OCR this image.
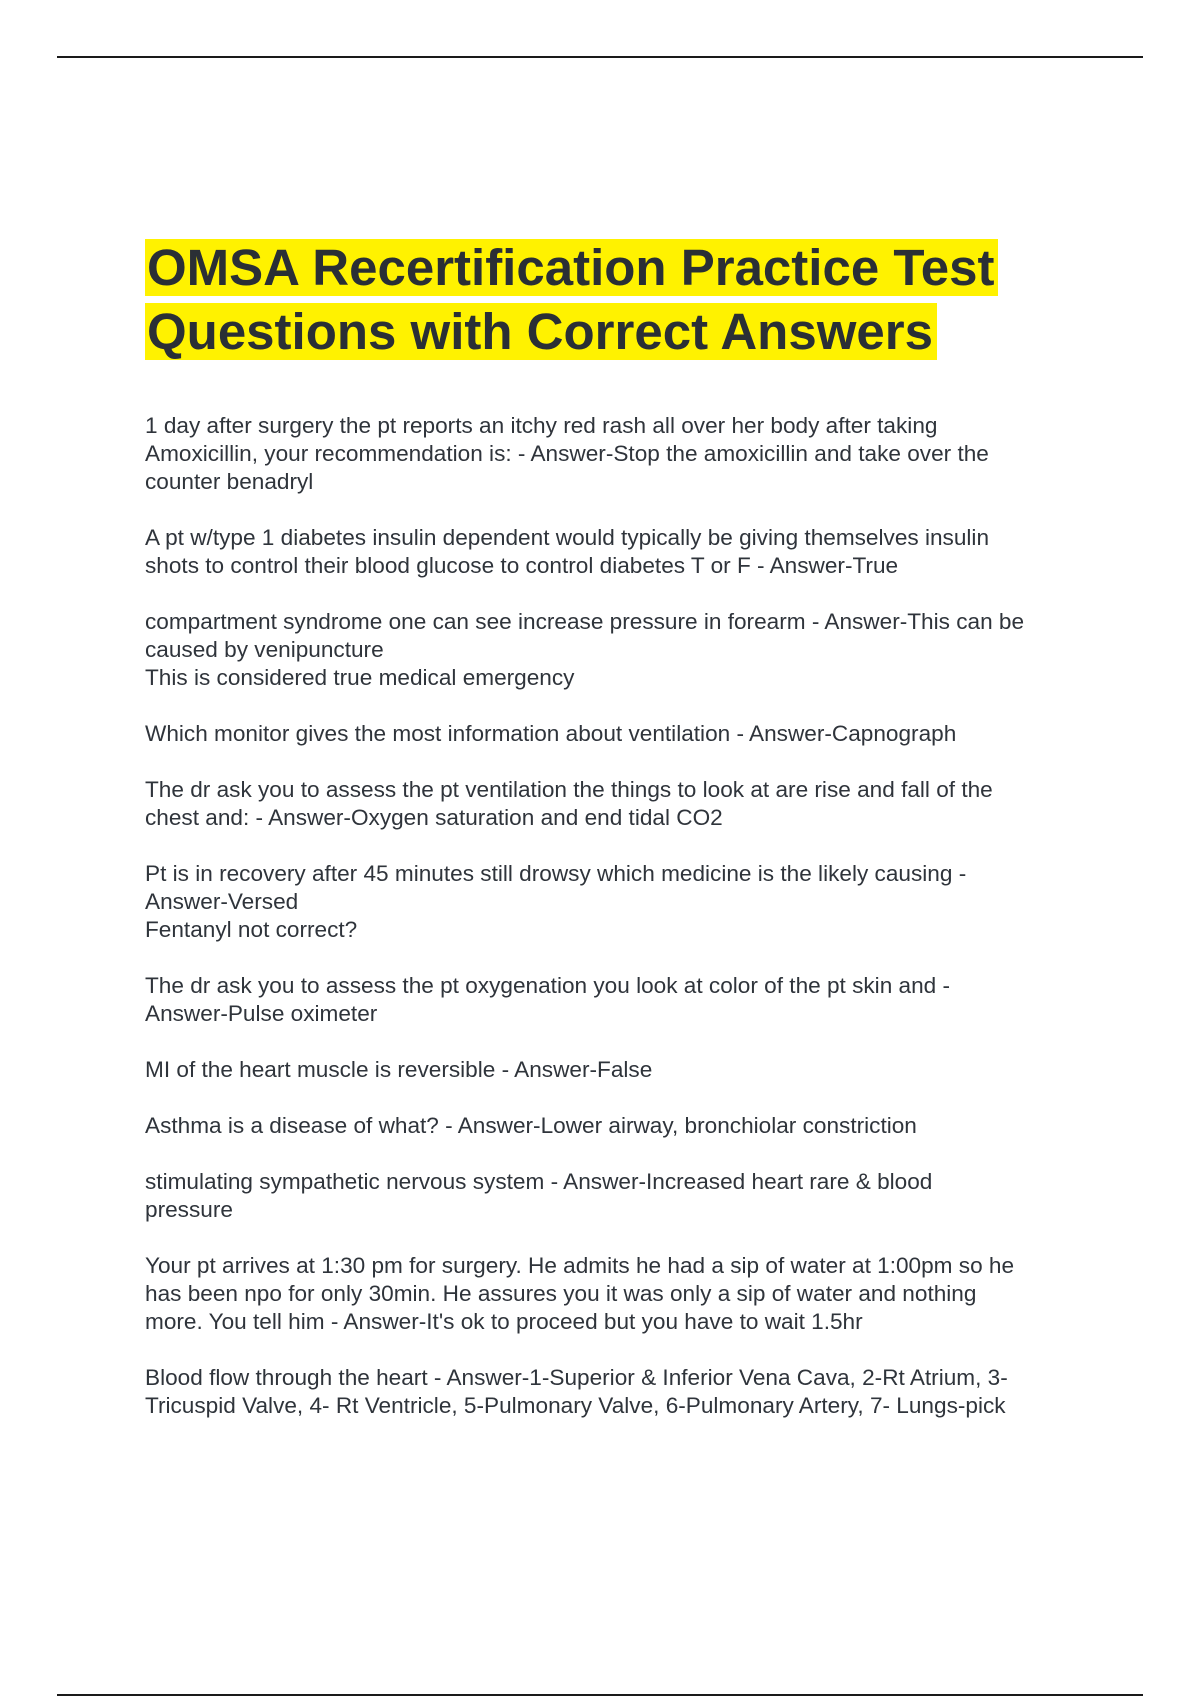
OMSA Recertification Practice Test
Questions with Correct Answers
1 day after surgery the pt reports an itchy red rash all over her body after taking
Amoxicillin, your recommendation is: - Answer-Stop the amoxicillin and take over the
counter benadryl
A pt w/type 1 diabetes insulin dependent would typically be giving themselves insulin
shots to control their blood glucose to control diabetes T or F - Answer-True
compartment syndrome one can see increase pressure in forearm - Answer-This can be
caused by venipuncture
This is considered true medical emergency
Which monitor gives the most information about ventilation - Answer-Capnograph
The dr ask you to assess the pt ventilation the things to look at are rise and fall of the
chest and: - Answer-Oxygen saturation and end tidal CO2
Pt is in recovery after 45 minutes still drowsy which medicine is the likely causing -
Answer-Versed
Fentanyl not correct?
The dr ask you to assess the pt oxygenation you look at color of the pt skin and -
Answer-Pulse oximeter
MI of the heart muscle is reversible - Answer-False
Asthma is a disease of what? - Answer-Lower airway, bronchiolar constriction
stimulating sympathetic nervous system - Answer-Increased heart rare & blood
pressure
Your pt arrives at 1:30 pm for surgery. He admits he had a sip of water at 1:00pm so he
has been npo for only 30min. He assures you it was only a sip of water and nothing
more. You tell him - Answer-It's ok to proceed but you have to wait 1.5hr
Blood flow through the heart - Answer-1-Superior & Inferior Vena Cava, 2-Rt Atrium, 3-
Tricuspid Valve, 4- Rt Ventricle, 5-Pulmonary Valve, 6-Pulmonary Artery, 7- Lungs-pick
